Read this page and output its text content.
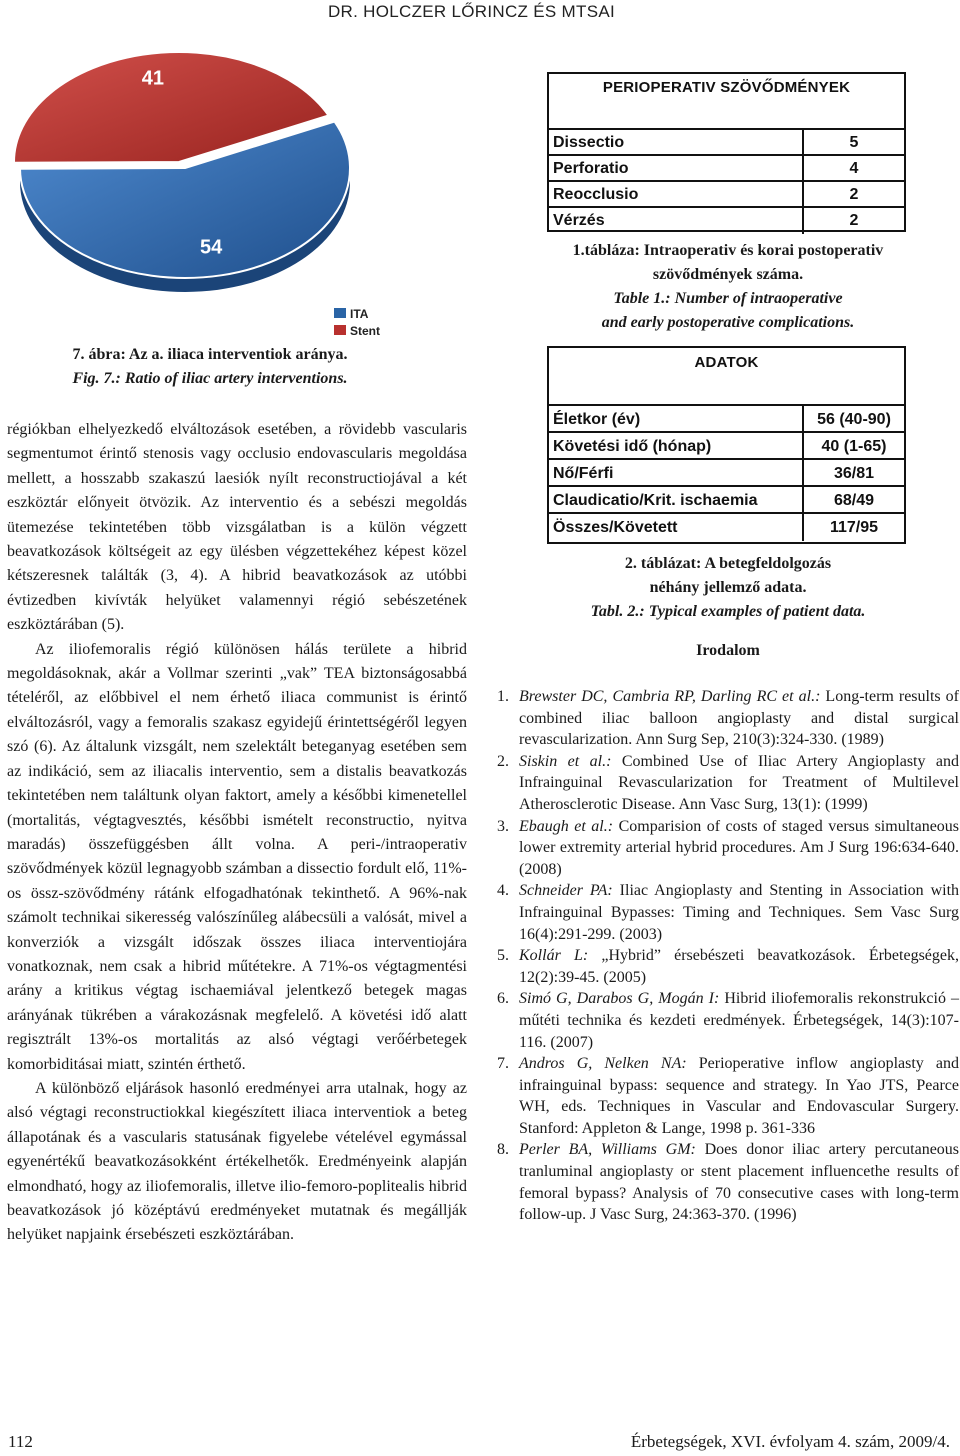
DR. HOLCZER LŐRINCZ ÉS MTSAI
54
41
ITA
Stent
7. ábra: Az a. iliaca interventiok aránya.
Fig. 7.: Ratio of iliac artery interventions.

régiókban elhelyezkedő elváltozások esetében, a rövidebb vascularis segmentumot érintő stenosis vagy occlusio endovascularis megoldása mellett, a hosszabb szakaszú laesiók nyílt reconstructiojával a két eszköztár előnyeit ötvözik. Az interventio és a sebészi megoldás ütemezése tekintetében több vizsgálatban is a külön végzett beavatkozások költségeit az egy ülésben végzettekéhez képest közel kétszeresnek találták (3, 4). A hibrid beavatkozások az utóbbi évtizedben kivívták helyüket valamennyi régió sebészetének eszköztárában (5).

Az iliofemoralis régió különösen hálás területe a hibrid megoldásoknak, akár a Vollmar szerinti „vak” TEA biztonságosabbá tételéről, az előbbivel el nem érhető iliaca communist is érintő elváltozásról, vagy a femoralis szakasz egyidejű érintettségéről legyen szó (6). Az általunk vizsgált, nem szelektált beteganyag esetében sem az indikáció, sem az iliacalis interventio, sem a distalis beavatkozás tekintetében nem találtunk olyan faktort, amely a későbbi kimenetellel (mortalitás, végtagvesztés, későbbi ismételt reconstructio, nyitva maradás) összefüggésben állt volna. A peri-/intraoperativ szövődmények közül legnagyobb számban a dissectio fordult elő, 11%-os össz-szövődmény rátánk elfogadhatónak tekinthető. A 96%-nak számolt technikai sikeresség valószínűleg alábecsüli a valósát, mivel a konverziók a vizsgált időszak összes iliaca interventiojára vonatkoznak, nem csak a hibrid műtétekre. A 71%-os végtagmentési arány a kritikus végtag ischaemiával jelentkező betegek magas arányának tükrében a várakozásnak megfelelő. A követési idő alatt regisztrált 13%-os mortalitás az alsó végtagi verőérbetegek komorbiditásai miatt, szintén érthető.

A különböző eljárások hasonló eredményei arra utalnak, hogy az alsó végtagi reconstructiokkal kiegészített iliaca interventiok a beteg állapotának és a vascularis statusának figyelebe vételével egymással egyenértékű beavatkozásokként értékelhetők. Eredményeink alapján elmondható, hogy az iliofemoralis, illetve ilio-femoro-poplitealis hibrid beavatkozások jó középtávú eredményeket mutatnak és megállják helyüket napjaink érsebészeti eszköztárában.

PERIOPERATIV SZÖVŐDMÉNYEK
Dissectio	5
Perforatio	4
Reocclusio	2
Vérzés	2
1.tábláza: Intraoperativ és korai postoperativ
szövődmények száma.
Table 1.: Number of intraoperative
and early postoperative complications.
ADATOK
Életkor (év)	56 (40-90)
Követési idő (hónap)	40 (1-65)
Nő/Férfi	36/81
Claudicatio/Krit. ischaemia	68/49
Összes/Követett	117/95
2. táblázat: A betegfeldolgozás
néhány jellemző adata.
Tabl. 2.: Typical examples of patient data.
Irodalom
1. Brewster DC, Cambria RP, Darling RC et al.: Long-term results of combined iliac balloon angioplasty and distal surgical revascularization. Ann Surg Sep, 210(3):324-330. (1989)
2. Siskin et al.: Combined Use of Iliac Artery Angioplasty and Infrainguinal Revascularization for Treatment of Multilevel Atherosclerotic Disease. Ann Vasc Surg, 13(1): (1999)
3. Ebaugh et al.: Comparision of costs of staged versus simultaneous lower extremity arterial hybrid procedures. Am J Surg 196:634-640. (2008)
4. Schneider PA: Iliac Angioplasty and Stenting in Association with Infrainguinal Bypasses: Timing and Techniques. Sem Vasc Surg 16(4):291-299. (2003)
5. Kollár L: „Hybrid” érsebészeti beavatkozások. Érbetegségek, 12(2):39-45. (2005)
6. Simó G, Darabos G, Mogán I: Hibrid iliofemoralis rekonstrukció – műtéti technika és kezdeti eredmények. Érbetegségek, 14(3):107-116. (2007)
7. Andros G, Nelken NA: Perioperative inflow angioplasty and infrainguinal bypass: sequence and strategy. In Yao JTS, Pearce WH, eds. Techniques in Vascular and Endovascular Surgery. Stanford: Appleton & Lange, 1998 p. 361-336
8. Perler BA, Williams GM: Does donor iliac artery percutaneous tranluminal angioplasty or stent placement influencethe results of femoral bypass? Analysis of 70 consecutive cases with long-term follow-up. J Vasc Surg, 24:363-370. (1996)
112	Érbetegségek, XVI. évfolyam 4. szám, 2009/4.
